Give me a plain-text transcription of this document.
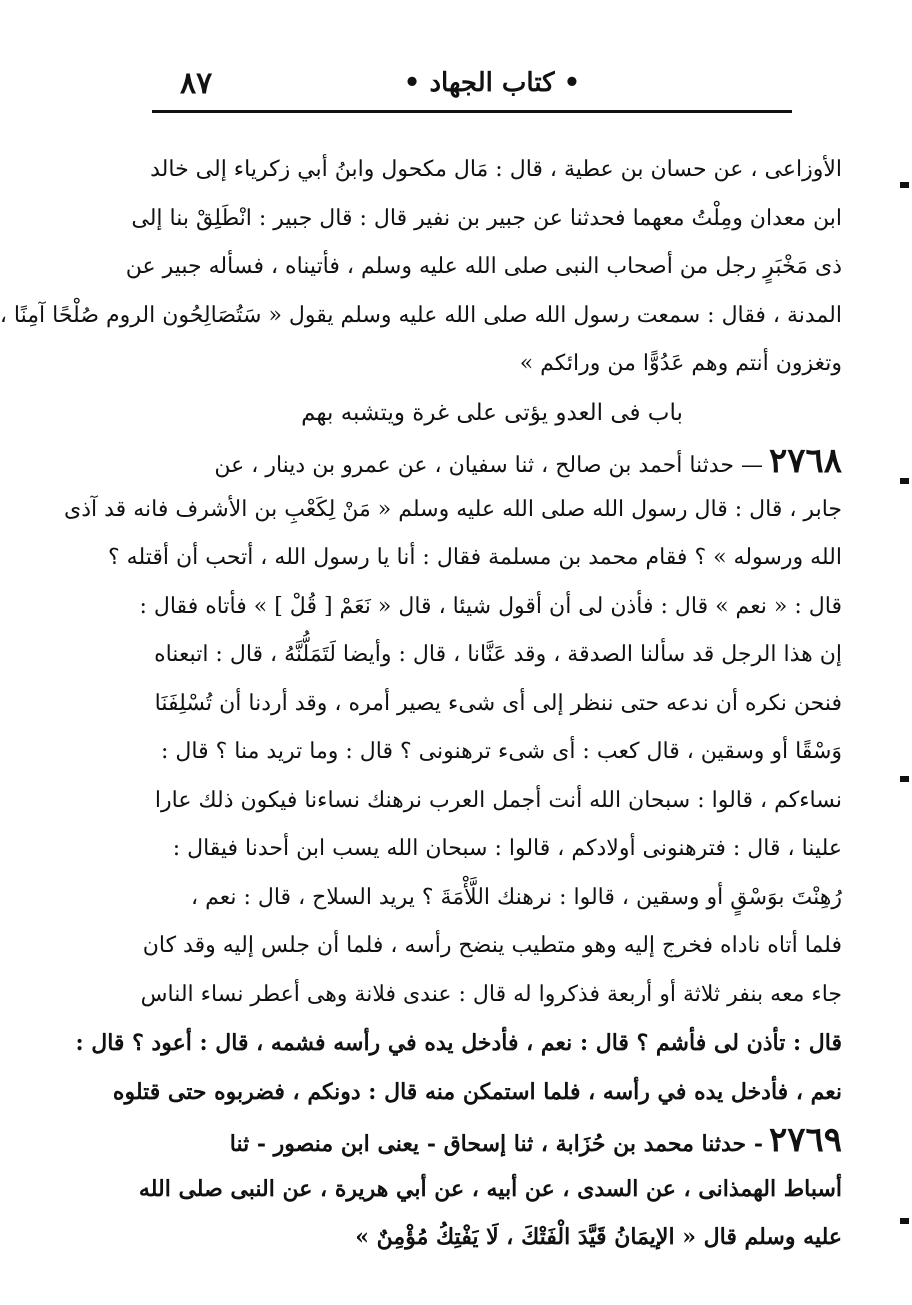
٨٧	• كتاب الجهاد •
الأوزاعى ، عن حسان بن عطية ، قال : مَال مكحول وابنُ أبي زكرياء إلى خالد
ابن معدان ومِلْتُ معهما فحدثنا عن جبير بن نفير قال : قال جبير : انْطَلِقْ بنا إلى
ذى مَخْبَرٍ رجل من أصحاب النبى صلى الله عليه وسلم ، فأتيناه ، فسأله جبير عن
المدنة ، فقال : سمعت رسول الله صلى الله عليه وسلم يقول « سَتُصَالِحُون الروم صُلْحًا آمِنًا ،
وتغزون أنتم وهم عَدُوًّا من ورائكم »
باب فى العدو يؤتى على غرة ويتشبه بهم
٢٧٦٨— حدثنا أحمد بن صالح ، ثنا سفيان ، عن عمرو بن دينار ، عن
جابر ، قال : قال رسول الله صلى الله عليه وسلم « مَنْ لِكَعْبِ بن الأشرف فانه قد آذى
الله ورسوله » ؟ فقام محمد بن مسلمة فقال : أنا يا رسول الله ، أتحب أن أقتله ؟
قال : « نعم » قال : فأذن لى أن أقول شيئا ، قال « نَعَمْ [ قُلْ ] » فأتاه فقال :
إن هذا الرجل قد سألنا الصدقة ، وقد عَنَّانا ، قال : وأيضا لَتَمَلُّنَّهُ ، قال : اتبعناه
فنحن نكره أن ندعه حتى ننظر إلى أى شىء يصير أمره ، وقد أردنا أن تُسْلِفَنَا
وَسْقًا أو وسقين ، قال كعب : أى شىء ترهنونى ؟ قال : وما تريد منا ؟ قال :
نساءكم ، قالوا : سبحان الله أنت أجمل العرب نرهنك نساءنا فيكون ذلك عارا
علينا ، قال : فترهنونى أولادكم ، قالوا : سبحان الله يسب ابن أحدنا فيقال :
رُهِنْتَ بوَسْقٍ أو وسقين ، قالوا : نرهنك اللَّأْمَةَ ؟ يريد السلاح ، قال : نعم ،
فلما أتاه ناداه فخرج إليه وهو متطيب ينضح رأسه ، فلما أن جلس إليه وقد كان
جاء معه بنفر ثلاثة أو أربعة فذكروا له قال : عندى فلانة وهى أعطر نساء الناس
قال : تأذن لى فأشم ؟ قال : نعم ، فأدخل يده في رأسه فشمه ، قال : أعود ؟ قال :
نعم ، فأدخل يده في رأسه ، فلما استمكن منه قال : دونكم ، فضربوه حتى قتلوه
٢٧٦٩- حدثنا محمد بن حُزَابة ، ثنا إسحاق - يعنى ابن منصور - ثنا
أسباط الهمذانى ، عن السدى ، عن أبيه ، عن أبي هريرة ، عن النبى صلى الله
عليه وسلم قال « الإيمَانُ قَيَّدَ الْفَتْكَ ، لَا يَفْتِكُ مُؤْمِنٌ »
